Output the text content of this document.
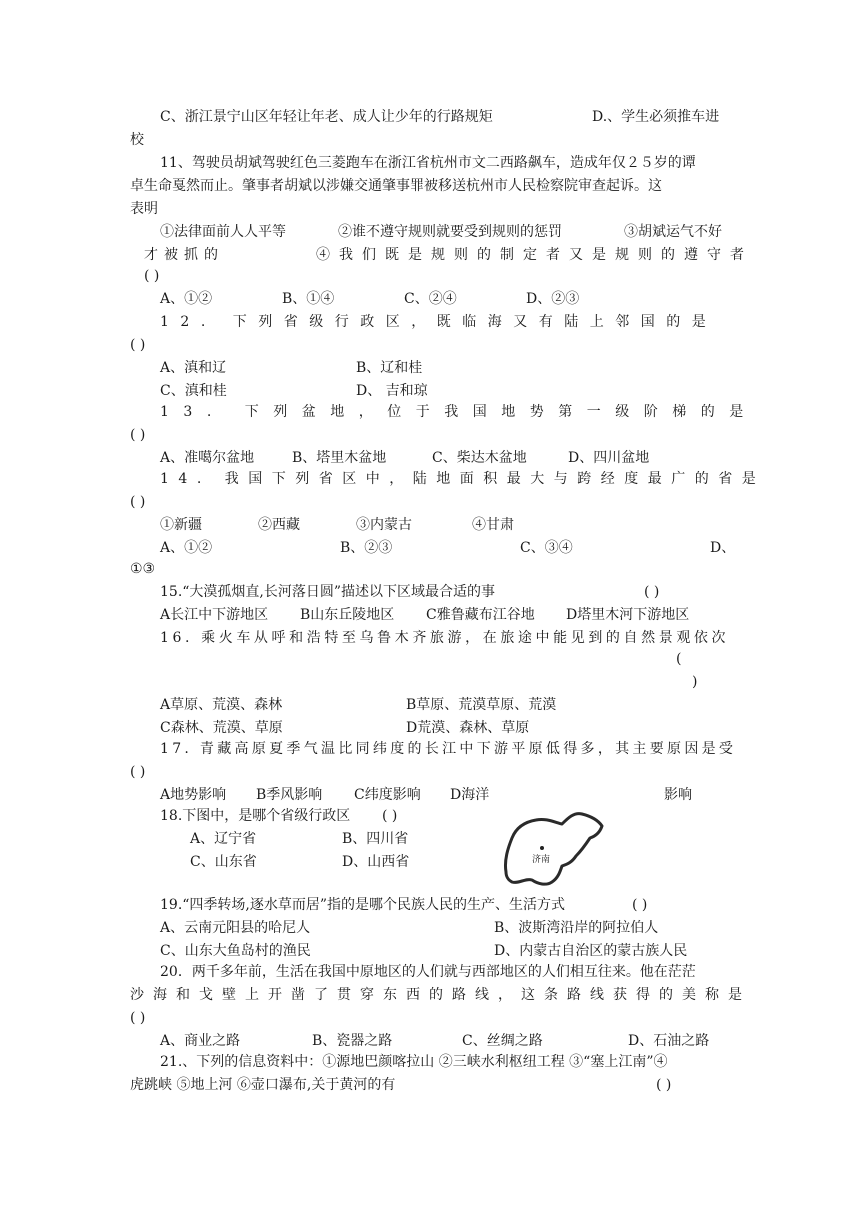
C、浙江景宁山区年轻让年老、成人让少年的行路规矩	D.、学生必须推车进
校
11、驾驶员胡斌驾驶红色三菱跑车在浙江省杭州市文二西路飙车，造成年仅２５岁的谭
卓生命戛然而止。肇事者胡斌以涉嫌交通肇事罪被移送杭州市人民检察院审查起诉。这
表明
①法律面前人人平等	②谁不遵守规则就要受到规则的惩罚	③胡斌运气不好
才被抓的	④我们既是规则的制定者又是规则的遵守者
( )
A、①②	B、①④	C、②④	D、②③
12. 下列省级行政区，既临海又有陆上邻国的是
( )
A、滇和辽	B、辽和桂
C、滇和桂	D、 吉和琼
13. 下列盆地，位于我国地势第一级阶梯的是
( )
A、准噶尔盆地	B、塔里木盆地	C、柴达木盆地	D、四川盆地
14. 我国下列省区中，陆地面积最大与跨经度最广的省是
( )
①新疆	②西藏	③内蒙古	④甘肃
A、①②	B、②③	C、③④	D、
①③
15.“大漠孤烟直,长河落日圆”描述以下区域最合适的事	( )
A长江中下游地区 B山东丘陵地区 C雅鲁藏布江谷地 D塔里木河下游地区
16. 乘火车从呼和浩特至乌鲁木齐旅游，在旅途中能见到的自然景观依次
(
)
A草原、荒漠、森林	B草原、荒漠草原、荒漠
C森林、荒漠、草原	D荒漠、森林、草原
17. 青藏高原夏季气温比同纬度的长江中下游平原低得多，其主要原因是受
( )
A地势影响 B季风影响 C纬度影响 D海洋	影响
18.下图中，是哪个省级行政区 ( )
A、辽宁省	B、四川省
C、山东省	D、山西省	济南
19.“四季转场,逐水草而居”指的是哪个民族人民的生产、生活方式	( )
A、云南元阳县的哈尼人	B、波斯湾沿岸的阿拉伯人
C、山东大鱼岛村的渔民	D、内蒙古自治区的蒙古族人民
20．两千多年前，生活在我国中原地区的人们就与西部地区的人们相互往来。他在茫茫
沙海和戈壁上开凿了贯穿东西的路线，这条路线获得的美称是
( )
A、商业之路	B、瓷器之路	C、丝绸之路	D、石油之路
21.、下列的信息资料中：①源地巴颜喀拉山 ②三峡水利枢纽工程 ③“塞上江南”④
虎跳峡 ⑤地上河 ⑥壶口瀑布,关于黄河的有	( )
